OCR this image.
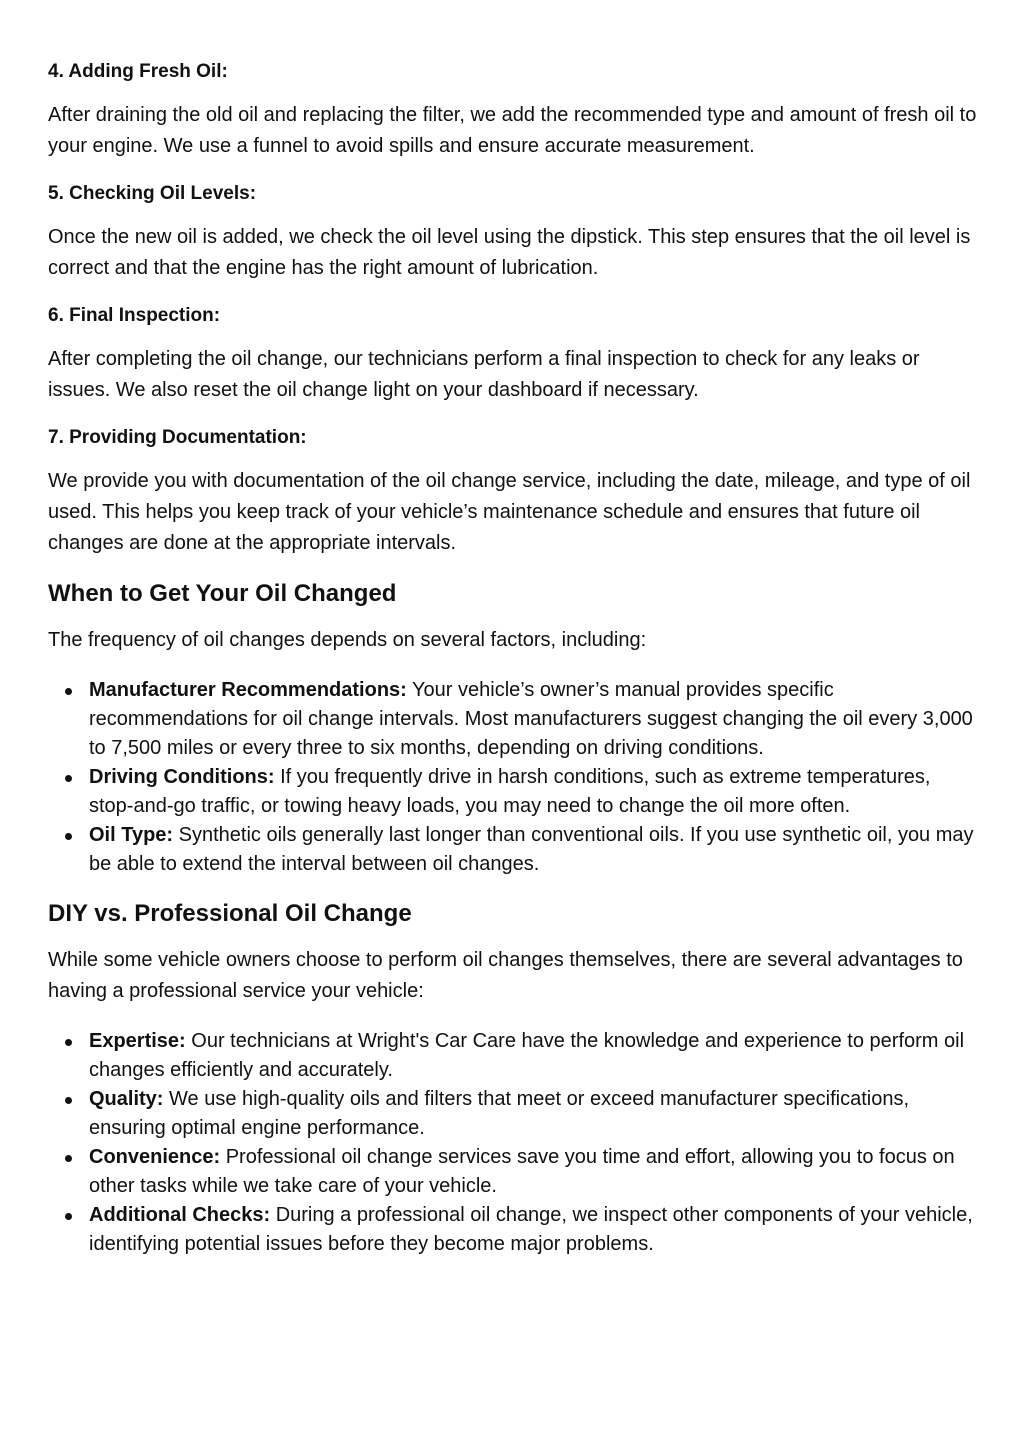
4. Adding Fresh Oil:

After draining the old oil and replacing the filter, we add the recommended type and amount of fresh oil to your engine. We use a funnel to avoid spills and ensure accurate measurement.

5. Checking Oil Levels:

Once the new oil is added, we check the oil level using the dipstick. This step ensures that the oil level is correct and that the engine has the right amount of lubrication.

6. Final Inspection:

After completing the oil change, our technicians perform a final inspection to check for any leaks or issues. We also reset the oil change light on your dashboard if necessary.

7. Providing Documentation:

We provide you with documentation of the oil change service, including the date, mileage, and type of oil used. This helps you keep track of your vehicle’s maintenance schedule and ensures that future oil changes are done at the appropriate intervals.

When to Get Your Oil Changed

The frequency of oil changes depends on several factors, including:

Manufacturer Recommendations: Your vehicle’s owner’s manual provides specific recommendations for oil change intervals. Most manufacturers suggest changing the oil every 3,000 to 7,500 miles or every three to six months, depending on driving conditions.
Driving Conditions: If you frequently drive in harsh conditions, such as extreme temperatures, stop-and-go traffic, or towing heavy loads, you may need to change the oil more often.
Oil Type: Synthetic oils generally last longer than conventional oils. If you use synthetic oil, you may be able to extend the interval between oil changes.
DIY vs. Professional Oil Change

While some vehicle owners choose to perform oil changes themselves, there are several advantages to having a professional service your vehicle:

Expertise: Our technicians at Wright's Car Care have the knowledge and experience to perform oil changes efficiently and accurately.
Quality: We use high-quality oils and filters that meet or exceed manufacturer specifications, ensuring optimal engine performance.
Convenience: Professional oil change services save you time and effort, allowing you to focus on other tasks while we take care of your vehicle.
Additional Checks: During a professional oil change, we inspect other components of your vehicle, identifying potential issues before they become major problems.
